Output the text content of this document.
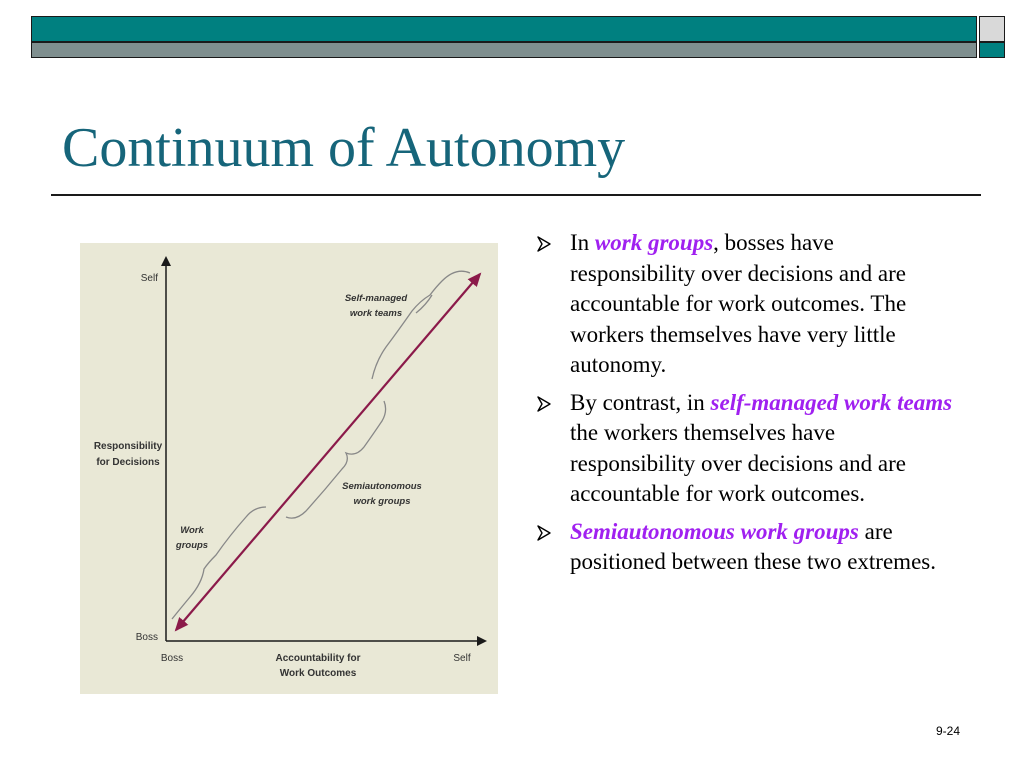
Continuum of Autonomy
Self
Boss
Responsibility
for Decisions
Boss	Self
Accountability for
Work Outcomes
Self-managed
work teams
Semiautonomous
work groups
Work
groups
In work groups, bosses have responsibility over decisions and are accountable for work outcomes. The workers themselves have very little autonomy.
By contrast, in self-managed work teams the workers themselves have responsibility over decisions and are accountable for work outcomes.
Semiautonomous work groups are positioned between these two extremes.
9-24
